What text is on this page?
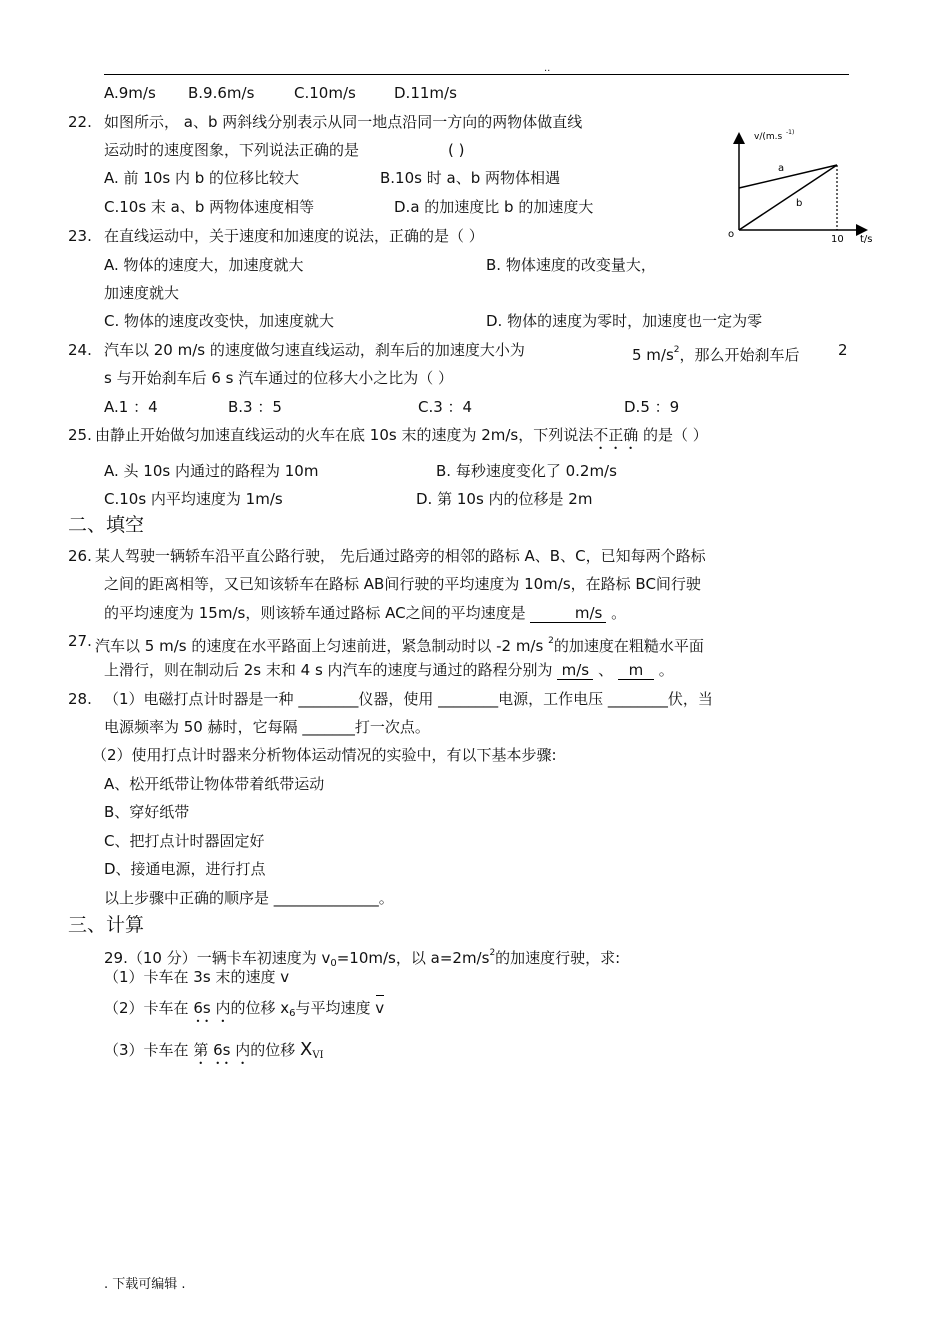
..
A.9m/s B.9.6m/s	C.10m/s	D.11m/s
22. 如图所示， a、b 两斜线分别表示从同一地点沿同一方向的两物体做直线
运动时的速度图象，下列说法正确的是	( )
A. 前 10s 内 b 的位移比较大	B.10s 时 a、b 两物体相遇
C.10s 末 a、b 两物体速度相等	D.a 的加速度比 b 的加速度大
v/(m.s -1)
a
b
o	10 t/s
23. 在直线运动中，关于速度和加速度的说法，正确的是（ ）
A. 物体的速度大，加速度就大	B. 物体速度的改变量大，
加速度就大
C. 物体的速度改变快，加速度就大	D. 物体的速度为零时，加速度也一定为零
24. 汽车以 20 m/s 的速度做匀速直线运动，刹车后的加速度大小为	5 $m/s^2$，那么开始刹车后	2
s 与开始刹车后 6 s 汽车通过的位移大小之比为（ ）
A.1 ：4	B.3 ：5	C.3 ：4	D.5 ：9
25. 由静止开始做匀加速直线运动的火车在底 10s 末的速度为 2m/s，下列说法不正确 的是（ ）
A. 头 10s 内通过的路程为 10m	B. 每秒速度变化了 0.2m/s
C.10s 内平均速度为 1m/s	D. 第 10s 内的位移是 2m
二、填空
26. 某人驾驶一辆轿车沿平直公路行驶， 先后通过路旁的相邻的路标 A、B、C，已知每两个路标
之间的距离相等，又已知该轿车在路标 AB间行驶的平均速度为 10m/s，在路标 BC间行驶
的平均速度为 15m/s，则该轿车通过路标 AC之间的平均速度是	m/s 。
27. 汽车以 5 m/s 的速度在水平路面上匀速前进，紧急制动时以 -2 m/s $^2$的加速度在粗糙水平面
上滑行，则在制动后 2s 末和 4 s 内汽车的速度与通过的路程分别为 m/s 、 m 。
28. （1）电磁打点计时器是一种 ________仪器，使用 ________电源，工作电压 ________伏，当
电源频率为 50 赫时，它每隔 _______打一次点。
（2）使用打点计时器来分析物体运动情况的实验中，有以下基本步骤:
A、松开纸带让物体带着纸带运动
B、穿好纸带
C、把打点计时器固定好
D、接通电源，进行打点
以上步骤中正确的顺序是 ______________。
三、计算
29.（10 分）一辆卡车初速度为 $v_0=10m/s$，以 $a=2m/s^2$的加速度行驶，求:
（1）卡车在 3s 末的速度 v
（2）卡车在 6s 内的位移 $x_6$与平均速度 v
（3）卡车在 第 6s 内的位移 $X_{VI}$
. 下载可编辑 .
